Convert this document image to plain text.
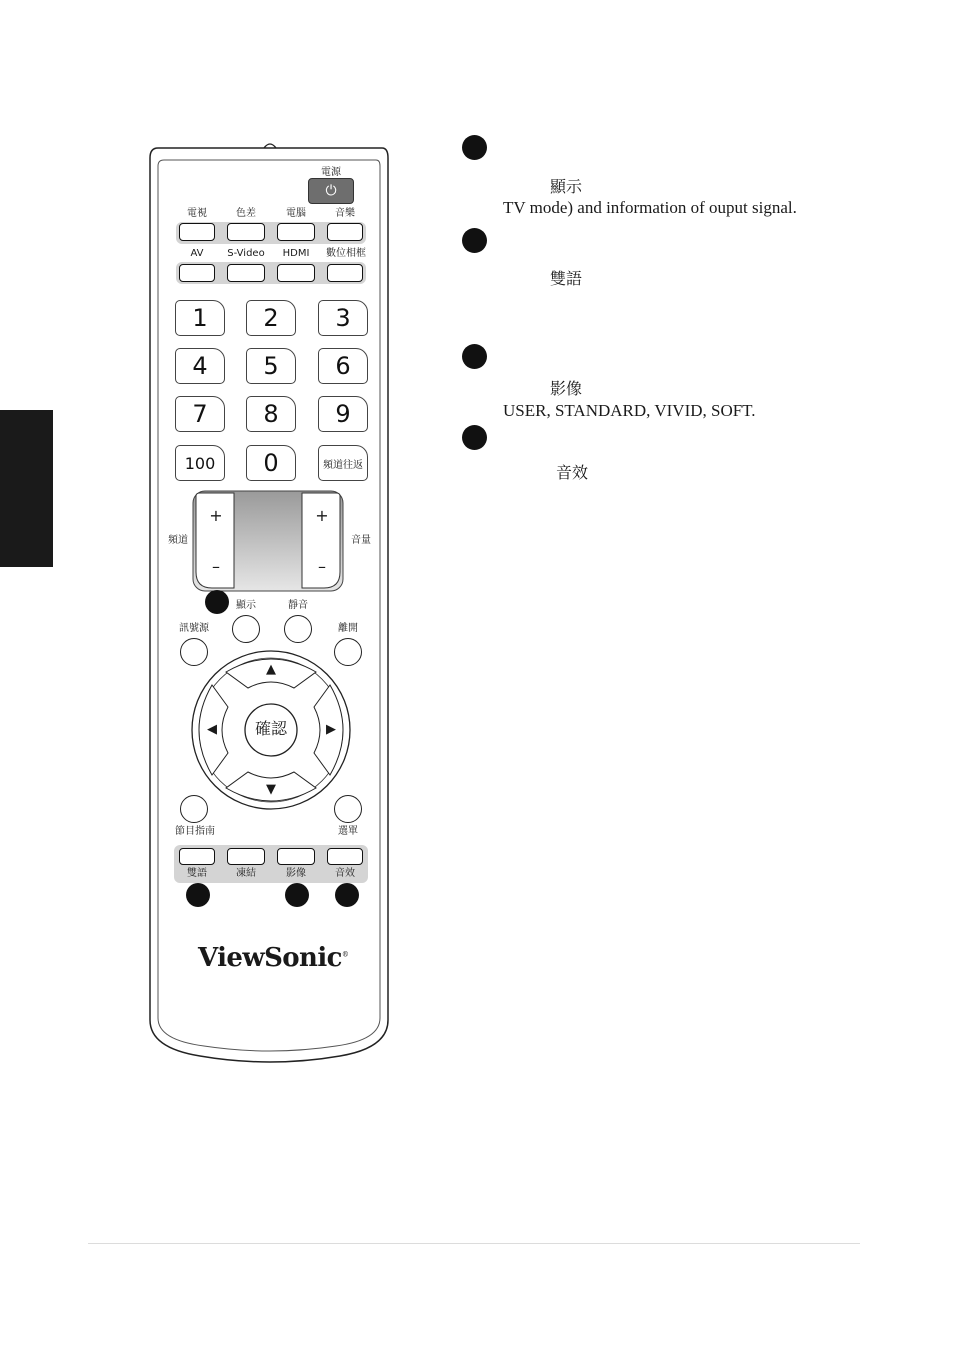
電源
⏻
電視	色差	電腦	音樂
AV S-Video HDMI 數位相框
1	2	3
4	5	6
7	8	9
100	0	頻道往返
+
–
+
–
頻道	音量
顯示	靜音
訊號源	離開
▲
▼
◀	▶
確認
節目指南	選單
雙語	凍結	影像	音效
ViewSonic®
顯示
TV mode) and information of ouput signal.
雙語
影像
USER, STANDARD, VIVID, SOFT.
音效
